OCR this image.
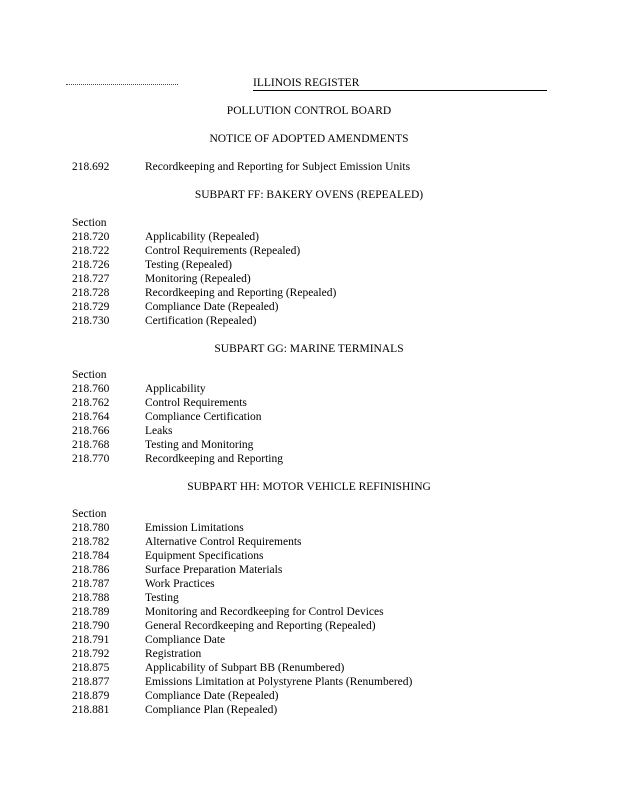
ILLINOIS REGISTER
POLLUTION CONTROL BOARD
NOTICE OF ADOPTED AMENDMENTS
218.692	Recordkeeping and Reporting for Subject Emission Units
SUBPART FF: BAKERY OVENS (REPEALED)
Section
218.720	Applicability (Repealed)
218.722	Control Requirements (Repealed)
218.726	Testing (Repealed)
218.727	Monitoring (Repealed)
218.728	Recordkeeping and Reporting (Repealed)
218.729	Compliance Date (Repealed)
218.730	Certification (Repealed)
SUBPART GG: MARINE TERMINALS
Section
218.760	Applicability
218.762	Control Requirements
218.764	Compliance Certification
218.766	Leaks
218.768	Testing and Monitoring
218.770	Recordkeeping and Reporting
SUBPART HH: MOTOR VEHICLE REFINISHING
Section
218.780	Emission Limitations
218.782	Alternative Control Requirements
218.784	Equipment Specifications
218.786	Surface Preparation Materials
218.787	Work Practices
218.788	Testing
218.789	Monitoring and Recordkeeping for Control Devices
218.790	General Recordkeeping and Reporting (Repealed)
218.791	Compliance Date
218.792	Registration
218.875	Applicability of Subpart BB (Renumbered)
218.877	Emissions Limitation at Polystyrene Plants (Renumbered)
218.879	Compliance Date (Repealed)
218.881	Compliance Plan (Repealed)
